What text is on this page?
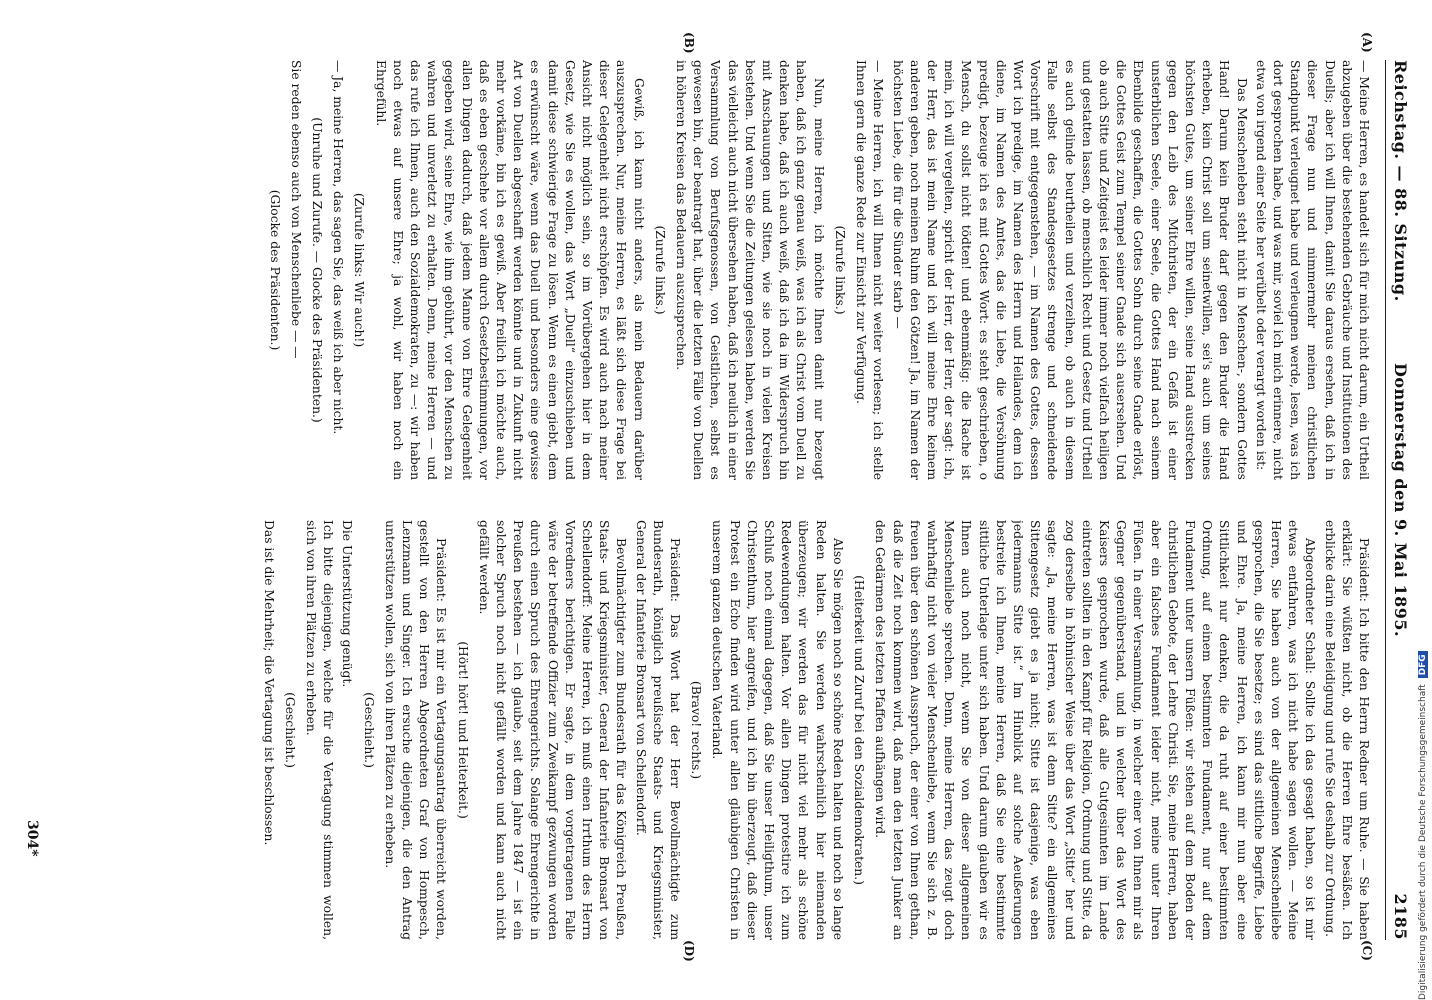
Reichstag. — 88. Sitzung.
Donnerstag den 9. Mai 1895.
2185
(A)
(B)
(C)
(D)

— Meine Herren, es handelt sich für mich nicht darum, ein Urtheil abzugeben über die bestehenden Gebräuche und Institutionen des Duells; aber ich will Ihnen, damit Sie daraus ersehen, daß ich in dieser Frage nun und nimmermehr meinen christlichen Standpunkt verleugnet habe und verleugnen werde, lesen, was ich dort gesprochen habe, und was mir, soviel ich mich erinnere, nicht etwa von irgend einer Seite her verübelt oder verargt worden ist:

Das Menschenleben steht nicht in Menschen-, sondern Gottes Hand! Darum kein Bruder darf gegen den Bruder die Hand erheben, kein Christ soll um seinetwillen, sei's auch um seines höchsten Gutes, um seiner Ehre willen, seine Hand ausstrecken gegen den Leib des Mitchristen, der ein Gefäß ist einer unsterblichen Seele, einer Seele, die Gottes Hand nach seinem Ebenbilde geschaffen, die Gottes Sohn durch seine Gnade erlöst, die Gottes Geist zum Tempel seiner Gnade sich ausersehen. Und ob auch Sitte und Zeitgeist es leider immer noch vielfach heiligen und gestatten lassen, ob menschlich Recht und Gesetz und Urtheil es auch gelinde beurtheilen und verzeihen, ob auch in diesem Falle selbst des Standesgesetzes strenge und schneidende Vorschrift mit entgegenstehen, — im Namen des Gottes, dessen Wort ich predige, im Namen des Herrn und Heilandes, dem ich diene, im Namen des Amtes, das die Liebe, die Versöhnung predigt, bezeuge ich es mit Gottes Wort: es steht geschrieben, o Mensch, du sollst nicht tödten! und ebenmäßig: die Rache ist mein, ich will vergelten, spricht der Herr, der Herr, der sagt: ich, der Herr, das ist mein Name und ich will meine Ehre keinem anderen geben, noch meinen Ruhm den Götzen! Ja, im Namen der höchsten Liebe, die für die Sünder starb —

— Meine Herren, ich will Ihnen nicht weiter vorlesen; ich stelle Ihnen gern die ganze Rede zur Einsicht zur Verfügung.

(Zurufe links.)

Nun, meine Herren, ich möchte Ihnen damit nur bezeugt haben, daß ich ganz genau weiß, was ich als Christ vom Duell zu denken habe, daß ich auch weiß, daß ich da im Widerspruch bin mit Anschauungen und Sitten, wie sie noch in vielen Kreisen bestehen. Und wenn Sie die Zeitungen gelesen haben, werden Sie das vielleicht auch nicht übersehen haben, daß ich neulich in einer Versammlung von Berufsgenossen, von Geistlichen, selbst es gewesen bin, der beantragt hat, über die letzten Fälle von Duellen in höheren Kreisen das Bedauern auszusprechen.

(Zurufe links.)

Gewiß, ich kann nicht anders, als mein Bedauern darüber auszusprechen. Nur, meine Herren, es läßt sich diese Frage bei dieser Gelegenheit nicht erschöpfen. Es wird auch nach meiner Ansicht nicht möglich sein, so im Vorübergehen hier in dem Gesetz, wie Sie es wollen, das Wort „Duell“ einzuschieben und damit diese schwierige Frage zu lösen. Wenn es einen giebt, dem es erwünscht wäre, wenn das Duell und besonders eine gewisse Art von Duellen abgeschafft werden könnte und in Zukunft nicht mehr vorkäme, bin ich es gewiß. Aber freilich ich möchte auch, daß es eben geschehe vor allem durch Gesetzbestimmungen, vor allen Dingen dadurch, daß jedem Manne von Ehre Gelegenheit gegeben wird, seine Ehre, wie ihm gebührt, vor den Menschen zu wahren und unverletzt zu erhalten. Denn, meine Herren — und das rufe ich Ihnen, auch den Sozialdemokraten, zu —: wir haben noch etwas auf unsere Ehre; ja wohl, wir haben noch ein Ehrgefühl.

(Zurufe links: Wir auch!)

— Ja, meine Herren, das sagen Sie, das weiß ich aber nicht.

(Unruhe und Zurufe. — Glocke des Präsidenten.)

Sie reden ebenso auch von Menschenliebe — —

(Glocke des Präsidenten.)

Präsident: Ich bitte den Herrn Redner um Ruhe. — Sie haben erklärt: Sie wüßten nicht, ob die Herren Ehre besäßen. Ich erblicke darin eine Beleidigung und rufe Sie deshalb zur Ordnung.

Abgeordneter Schall: Sollte ich das gesagt haben, so ist mir etwas entfahren, was ich nicht habe sagen wollen. — Meine Herren, Sie haben auch von der allgemeinen Menschenliebe gesprochen, die Sie besetze; es sind das sittliche Begriffe, Liebe und Ehre. Ja, meine Herren, ich kann mir nun aber eine Sittlichkeit nur denken, die da ruht auf einer bestimmten Ordnung, auf einem bestimmten Fundament, nur auf dem Fundament unter unsern Füßen: wir stehen auf dem Boden der christlichen Gebote, der Lehre Christi. Sie, meine Herren, haben aber ein falsches Fundament leider nicht, meine unter Ihren Füßen. In einer Versammlung, in welcher einer von Ihnen mir als Gegner gegenüberstand, und in welcher über das Wort des Kaisers gesprochen wurde, daß alle Gutgesinnten im Lande eintreten sollten in den Kampf für Religion, Ordnung und Sitte, da zog derselbe in höhnischer Weise über das Wort „Sitte“ her und sagte: „Ja, meine Herren, was ist denn Sitte? ein allgemeines Sittengesetz giebt es ja nicht; Sitte ist dasjenige, was eben jedermanns Sitte ist.“ Im Hinblick auf solche Aeußerungen bestreite ich Ihnen, meine Herren, daß Sie eine bestimmte sittliche Unterlage unter sich haben. Und darum glauben wir es Ihnen auch noch nicht, wenn Sie von dieser allgemeinen Menschenliebe sprechen. Denn, meine Herren, das zeugt doch wahrhaftig nicht von vieler Menschenliebe, wenn Sie sich z. B. freuen über den schönen Ausspruch, der einer von Ihnen gethan, daß die Zeit noch kommen wird, daß man den letzten Junker an den Gedärmen des letzten Pfaffen aufhängen wird.

(Heiterkeit und Zuruf bei den Sozialdemokraten.)

Also Sie mögen noch so schöne Reden halten und noch so lange Reden halten. Sie werden wahrscheinlich hier niemanden überzeugen; wir werden das für nicht viel mehr als schöne Redewendungen halten. Vor allen Dingen protestire ich zum Schluß noch einmal dagegen, daß Sie unser Heiligthum, unser Christenthum, hier angreifen, und ich bin überzeugt, daß dieser Protest ein Echo finden wird unter allen gläubigen Christen in unserem ganzen deutschen Vaterland.

(Bravo! rechts.)

Präsident: Das Wort hat der Herr Bevollmächtigte zum Bundesrath, königlich preußische Staats- und Kriegsminister, General der Infanterie Bronsart von Schellendorff.

Bevollmächtigter zum Bundesrath für das Königreich Preußen, Staats- und Kriegsminister, General der Infanterie Bronsart von Schellendorff: Meine Herren, ich muß einen Irrthum des Herrn Vorredners berichtigen. Er sagte, in dem vorgetragenen Falle wäre der betreffende Offizier zum Zweikampf gezwungen worden durch einen Spruch des Ehrengerichts. Solange Ehrengerichte in Preußen bestehen — ich glaube, seit dem Jahre 1847 — ist ein solcher Spruch noch nicht gefällt worden und kann auch nicht gefällt werden.

(Hört! hört! und Heiterkeit.)

Präsident: Es ist mir ein Vertagungsantrag überreicht worden, gestellt von den Herren Abgeordneten Graf von Hompesch, Lenzmann und Singer. Ich ersuche diejenigen, die den Antrag unterstützen wollen, sich von ihren Plätzen zu erheben.

(Geschieht.)

Die Unterstützung genügt.

Ich bitte diejenigen, welche für die Vertagung stimmen wollen, sich von ihren Plätzen zu erheben.

(Geschieht.)

Das ist die Mehrheit; die Vertagung ist beschlossen.

304*	Digitalisierung gefördert durch die Deutsche Forschungsgemeinschaft DFG
